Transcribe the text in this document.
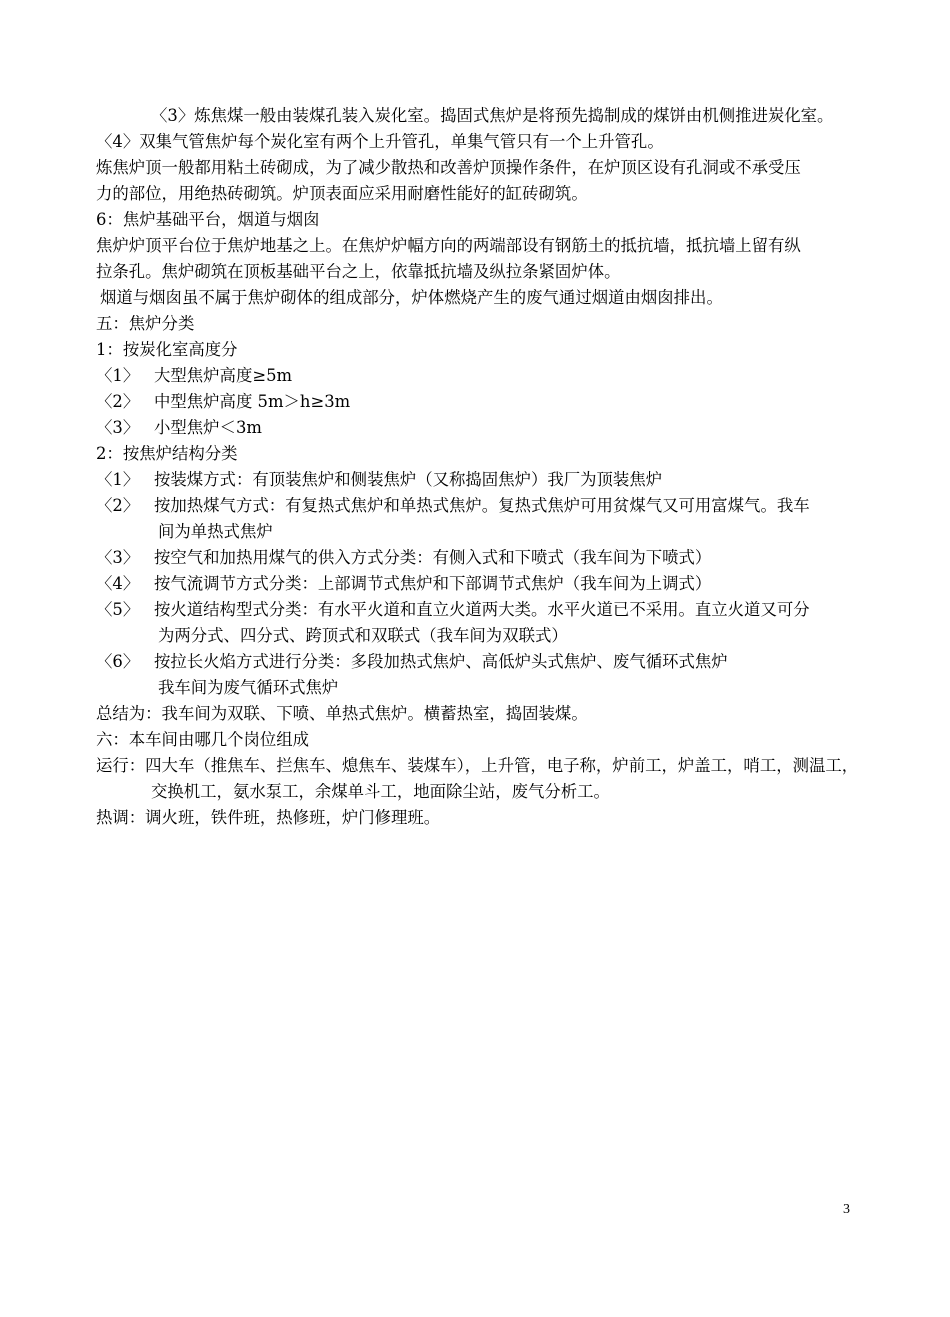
〈3〉炼焦煤一般由装煤孔装入炭化室。捣固式焦炉是将预先捣制成的煤饼由机侧推进炭化室。
〈4〉双集气管焦炉每个炭化室有两个上升管孔，单集气管只有一个上升管孔。
炼焦炉顶一般都用粘土砖砌成，为了减少散热和改善炉顶操作条件，在炉顶区设有孔洞或不承受压
力的部位，用绝热砖砌筑。炉顶表面应采用耐磨性能好的缸砖砌筑。
6：焦炉基础平台，烟道与烟囱
焦炉炉顶平台位于焦炉地基之上。在焦炉炉幅方向的两端部设有钢筋土的抵抗墙，抵抗墙上留有纵
拉条孔。焦炉砌筑在顶板基础平台之上，依靠抵抗墙及纵拉条紧固炉体。
烟道与烟囱虽不属于焦炉砌体的组成部分，炉体燃烧产生的废气通过烟道由烟囱排出。
五：焦炉分类
1：按炭化室高度分
〈1〉 大型焦炉高度≥5m
〈2〉 中型焦炉高度 5m＞h≥3m
〈3〉 小型焦炉＜3m
2：按焦炉结构分类
〈1〉 按装煤方式：有顶装焦炉和侧装焦炉（又称捣固焦炉）我厂为顶装焦炉
〈2〉 按加热煤气方式：有复热式焦炉和单热式焦炉。复热式焦炉可用贫煤气又可用富煤气。我车
间为单热式焦炉
〈3〉 按空气和加热用煤气的供入方式分类：有侧入式和下喷式（我车间为下喷式）
〈4〉 按气流调节方式分类：上部调节式焦炉和下部调节式焦炉（我车间为上调式）
〈5〉 按火道结构型式分类：有水平火道和直立火道两大类。水平火道已不采用。直立火道又可分
为两分式、四分式、跨顶式和双联式（我车间为双联式）
〈6〉 按拉长火焰方式进行分类：多段加热式焦炉、高低炉头式焦炉、废气循环式焦炉
我车间为废气循环式焦炉
总结为：我车间为双联、下喷、单热式焦炉。横蓄热室，捣固装煤。
六：本车间由哪几个岗位组成
运行：四大车（推焦车、拦焦车、熄焦车、装煤车），上升管，电子称，炉前工，炉盖工，哨工，测温工，
交换机工，氨水泵工，余煤单斗工，地面除尘站，废气分析工。
热调：调火班，铁件班，热修班，炉门修理班。
3
